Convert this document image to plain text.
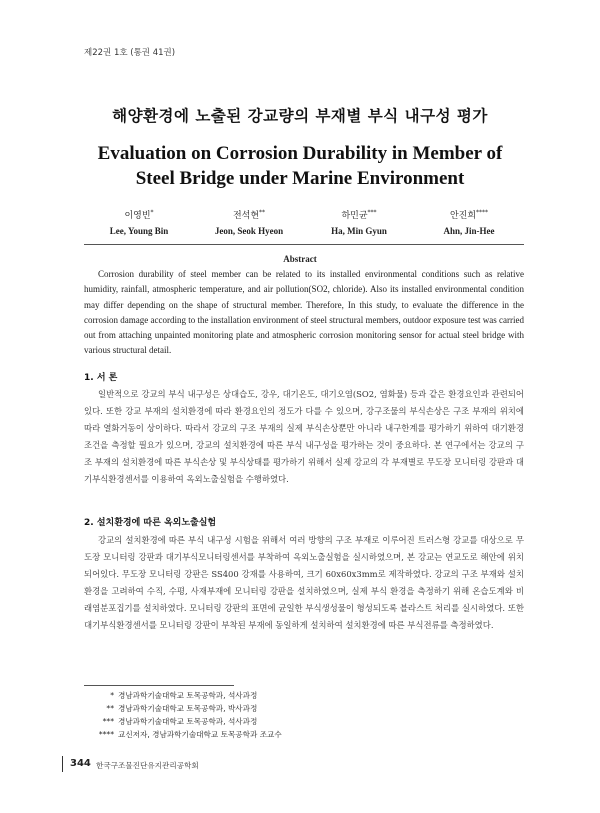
제22권 1호 (통권 41권)
해양환경에 노출된 강교량의 부재별 부식 내구성 평가
Evaluation on Corrosion Durability in Member of Steel Bridge under Marine Environment
이영빈*
Lee, Young Bin
전석현**
Jeon, Seok Hyeon
하민균***
Ha, Min Gyun
안진희****
Ahn, Jin-Hee
Abstract
Corrosion durability of steel member can be related to its installed environmental conditions such as relative humidity, rainfall, atmospheric temperature, and air pollution(SO2, chloride). Also its installed environmental condition may differ depending on the shape of structural member. Therefore, In this study, to evaluate the difference in the corrosion damage according to the installation environment of steel structural members, outdoor exposure test was carried out from attaching unpainted monitoring plate and atmospheric corrosion monitoring sensor for actual steel bridge with various structural detail.
1. 서 론
일반적으로 강교의 부식 내구성은 상대습도, 강우, 대기온도, 대기오염(SO2, 염화물) 등과 같은 환경요인과 관련되어 있다. 또한 강교 부재의 설치환경에 따라 환경요인의 정도가 다를 수 있으며, 강구조물의 부식손상은 구조 부재의 위치에 따라 열화거동이 상이하다. 따라서 강교의 구조 부재의 실제 부식손상뿐만 아니라 내구한계를 평가하기 위하여 대기환경조건을 측정할 필요가 있으며, 강교의 설치환경에 따른 부식 내구성을 평가하는 것이 중요하다. 본 연구에서는 강교의 구조 부재의 설치환경에 따른 부식손상 및 부식상태를 평가하기 위해서 실제 강교의 각 부재별로 무도장 모니터링 강판과 대기부식환경센서를 이용하여 옥외노출실험을 수행하였다.
2. 설치환경에 따른 옥외노출실험
강교의 설치환경에 따른 부식 내구성 시험을 위해서 여러 방향의 구조 부재로 이루어진 트러스형 강교를 대상으로 무도장 모니터링 강판과 대기부식모니터링센서를 부착하여 옥외노출실험을 실시하였으며, 본 강교는 연교도로 해안에 위치되어있다. 무도장 모니터링 강판은 SS400 강재를 사용하여, 크기 60x60x3mm로 제작하였다. 강교의 구조 부재와 설치환경을 고려하여 수직, 수평, 사재부재에 모니터링 강판을 설치하였으며, 실제 부식 환경을 측정하기 위해 온습도계와 비래염분포집기를 설치하였다. 모니터링 강판의 표면에 균일한 부식생성물이 형성되도록 블라스트 처리를 실시하였다. 또한 대기부식환경센서를 모니터링 강판이 부착된 부재에 동일하게 설치하여 설치환경에 따른 부식전류를 측정하였다.
* 경남과학기술대학교 토목공학과, 석사과정
** 경남과학기술대학교 토목공학과, 박사과정
*** 경남과학기술대학교 토목공학과, 석사과정
**** 교신저자, 경남과학기술대학교 토목공학과 조교수
344 한국구조물진단유지관리공학회
